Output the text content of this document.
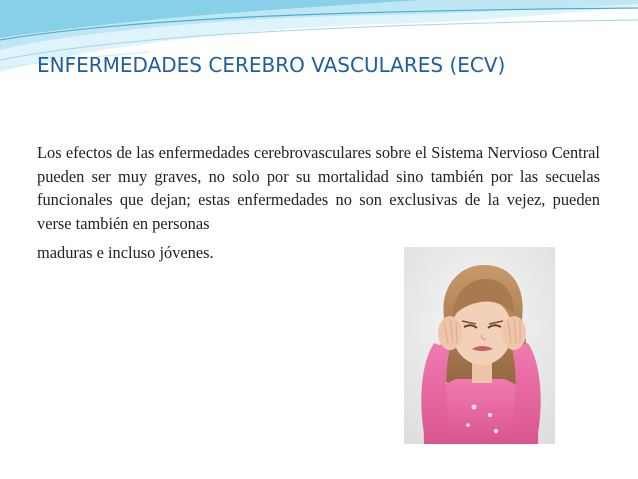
ENFERMEDADES CEREBRO VASCULARES (ECV)

Los efectos de las enfermedades cerebrovasculares sobre el Sistema Nervioso Central pueden ser muy graves, no solo por su mortalidad sino también por las secuelas funcionales que dejan; estas enfermedades no son exclusivas de la vejez, pueden verse también en personas

maduras e incluso jóvenes.
